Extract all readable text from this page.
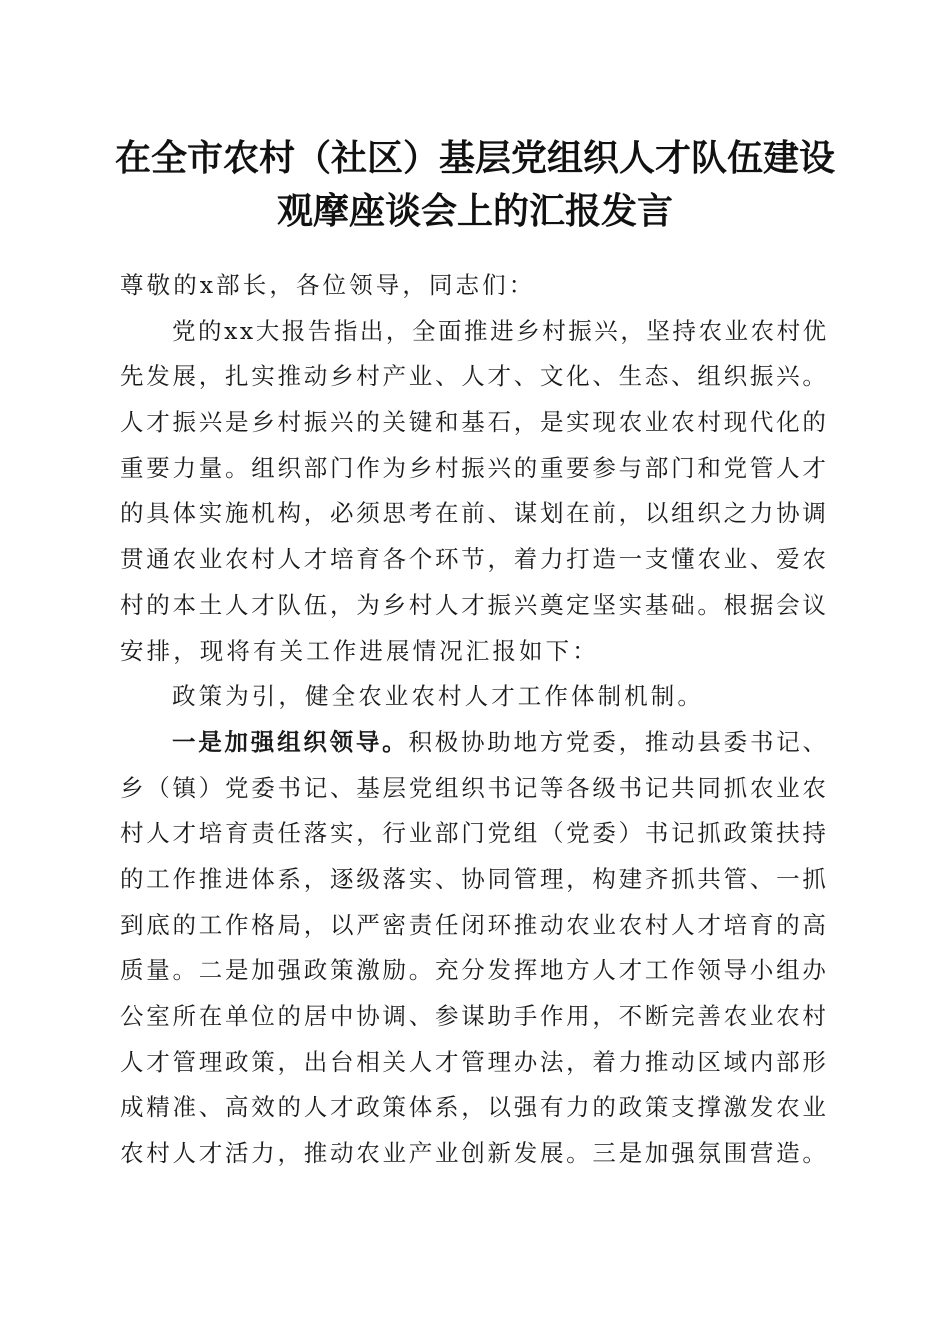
在全市农村（社区）基层党组织人才队伍建设
观摩座谈会上的汇报发言
尊敬的x部长，各位领导，同志们：
党的xx大报告指出，全面推进乡村振兴，坚持农业农村优
先发展，扎实推动乡村产业、人才、文化、生态、组织振兴。
人才振兴是乡村振兴的关键和基石，是实现农业农村现代化的
重要力量。组织部门作为乡村振兴的重要参与部门和党管人才
的具体实施机构，必须思考在前、谋划在前，以组织之力协调
贯通农业农村人才培育各个环节，着力打造一支懂农业、爱农
村的本土人才队伍，为乡村人才振兴奠定坚实基础。根据会议
安排，现将有关工作进展情况汇报如下：
政策为引，健全农业农村人才工作体制机制。
一是加强组织领导。积极协助地方党委，推动县委书记、
乡（镇）党委书记、基层党组织书记等各级书记共同抓农业农
村人才培育责任落实，行业部门党组（党委）书记抓政策扶持
的工作推进体系，逐级落实、协同管理，构建齐抓共管、一抓
到底的工作格局，以严密责任闭环推动农业农村人才培育的高
质量。二是加强政策激励。充分发挥地方人才工作领导小组办
公室所在单位的居中协调、参谋助手作用，不断完善农业农村
人才管理政策，出台相关人才管理办法，着力推动区域内部形
成精准、高效的人才政策体系，以强有力的政策支撑激发农业
农村人才活力，推动农业产业创新发展。三是加强氛围营造。
